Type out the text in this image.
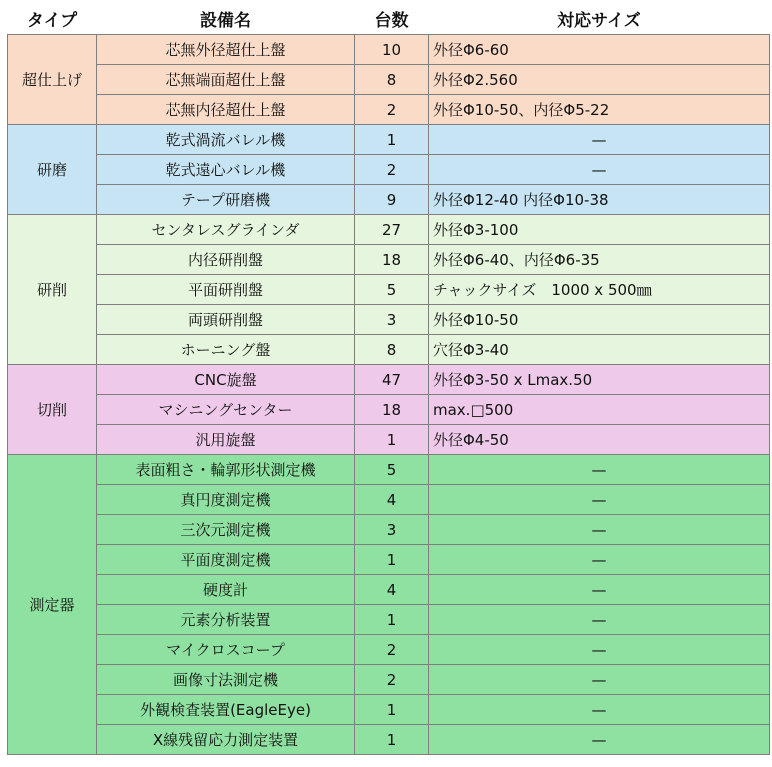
タイプ	設備名	台数	対応サイズ
超仕上げ	芯無外径超仕上盤	10	外径Φ6-60
	芯無端面超仕上盤	8	外径Φ2.560
	芯無内径超仕上盤	2	外径Φ10-50、内径Φ5-22
研磨	乾式渦流バレル機	1	—
	乾式遠心バレル機	2	—
	テープ研磨機	9	外径Φ12-40 内径Φ10-38
研削	センタレスグラインダ	27	外径Φ3-100
	内径研削盤	18	外径Φ6-40、内径Φ6-35
	平面研削盤	5	チャックサイズ　1000 x 500㎜
	両頭研削盤	3	外径Φ10-50
	ホーニング盤	8	穴径Φ3-40
切削	CNC旋盤	47	外径Φ3-50 x Lmax.50
	マシニングセンター	18	max.□500
	汎用旋盤	1	外径Φ4-50
測定器	表面粗さ・輪郭形状測定機	5	—
	真円度測定機	4	—
	三次元測定機	3	—
	平面度測定機	1	—
	硬度計	4	—
	元素分析装置	1	—
	マイクロスコープ	2	—
	画像寸法測定機	2	—
	外観検査装置(EagleEye)	1	—
	X線残留応力測定装置	1	—
